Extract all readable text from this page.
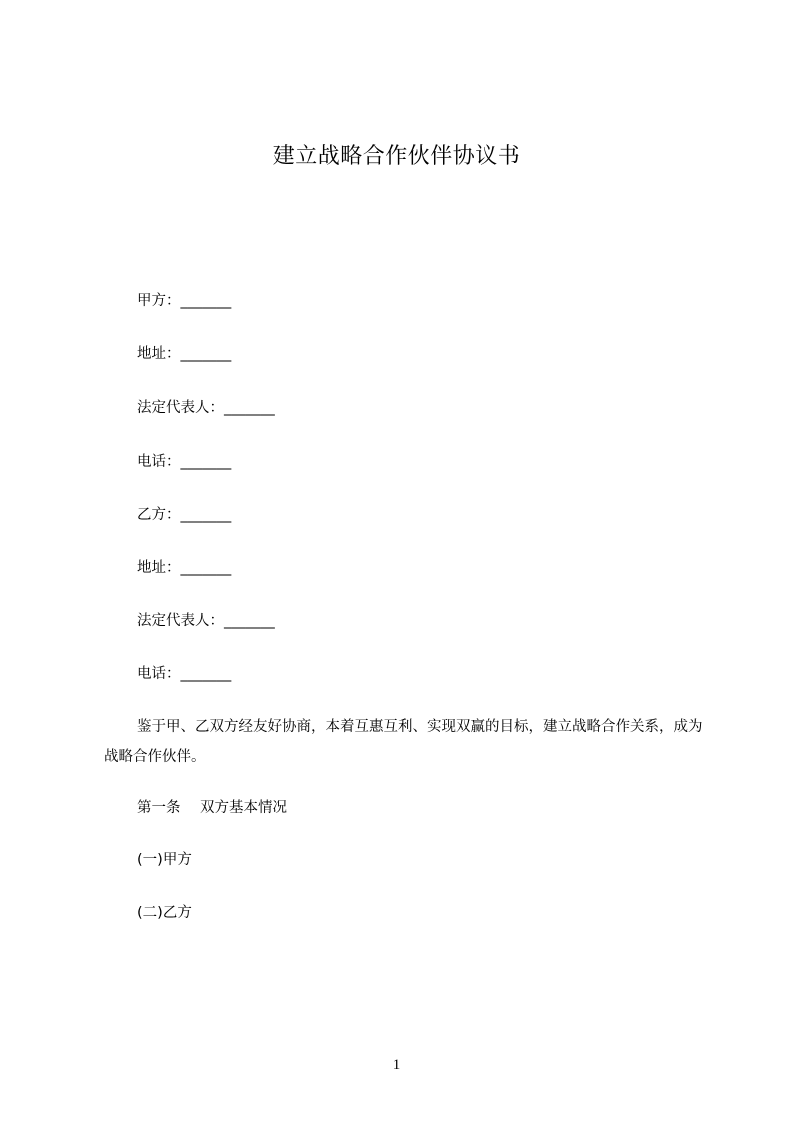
建立战略合作伙伴协议书
甲方：_______
地址：_______
法定代表人：_______
电话：_______
乙方：_______
地址：_______
法定代表人：_______
电话：_______
鉴于甲、乙双方经友好协商，本着互惠互利、实现双赢的目标，建立战略合作关系，成为战略合作伙伴。
第一条 双方基本情况
(一)甲方
(二)乙方
1
